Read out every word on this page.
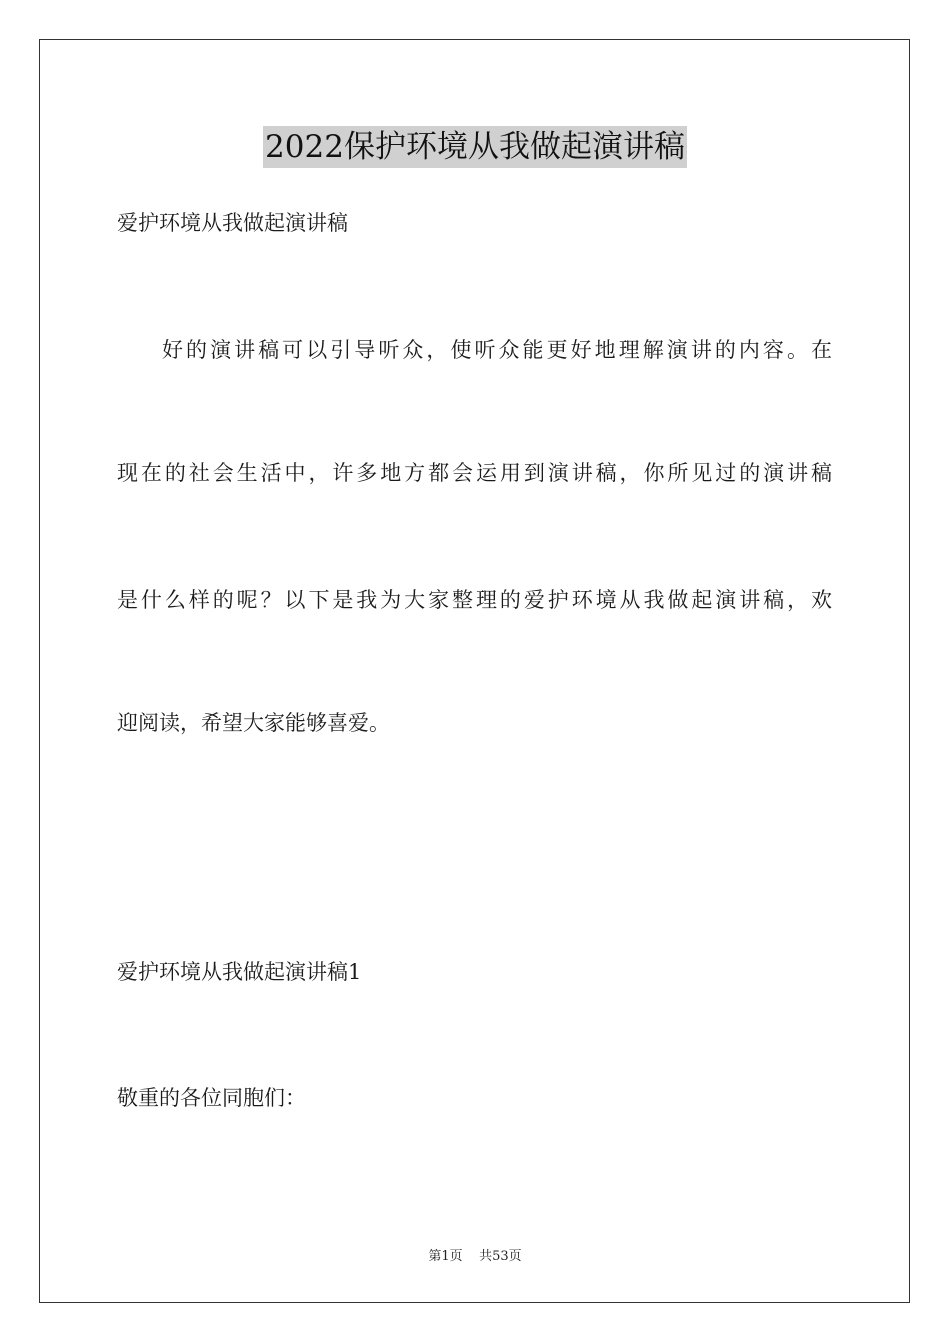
2022保护环境从我做起演讲稿
爱护环境从我做起演讲稿
好的演讲稿可以引导听众，使听众能更好地理解演讲的内容。在
现在的社会生活中，许多地方都会运用到演讲稿，你所见过的演讲稿
是什么样的呢？以下是我为大家整理的爱护环境从我做起演讲稿，欢
迎阅读，希望大家能够喜爱。
爱护环境从我做起演讲稿1
敬重的各位同胞们：
第1页 共53页
